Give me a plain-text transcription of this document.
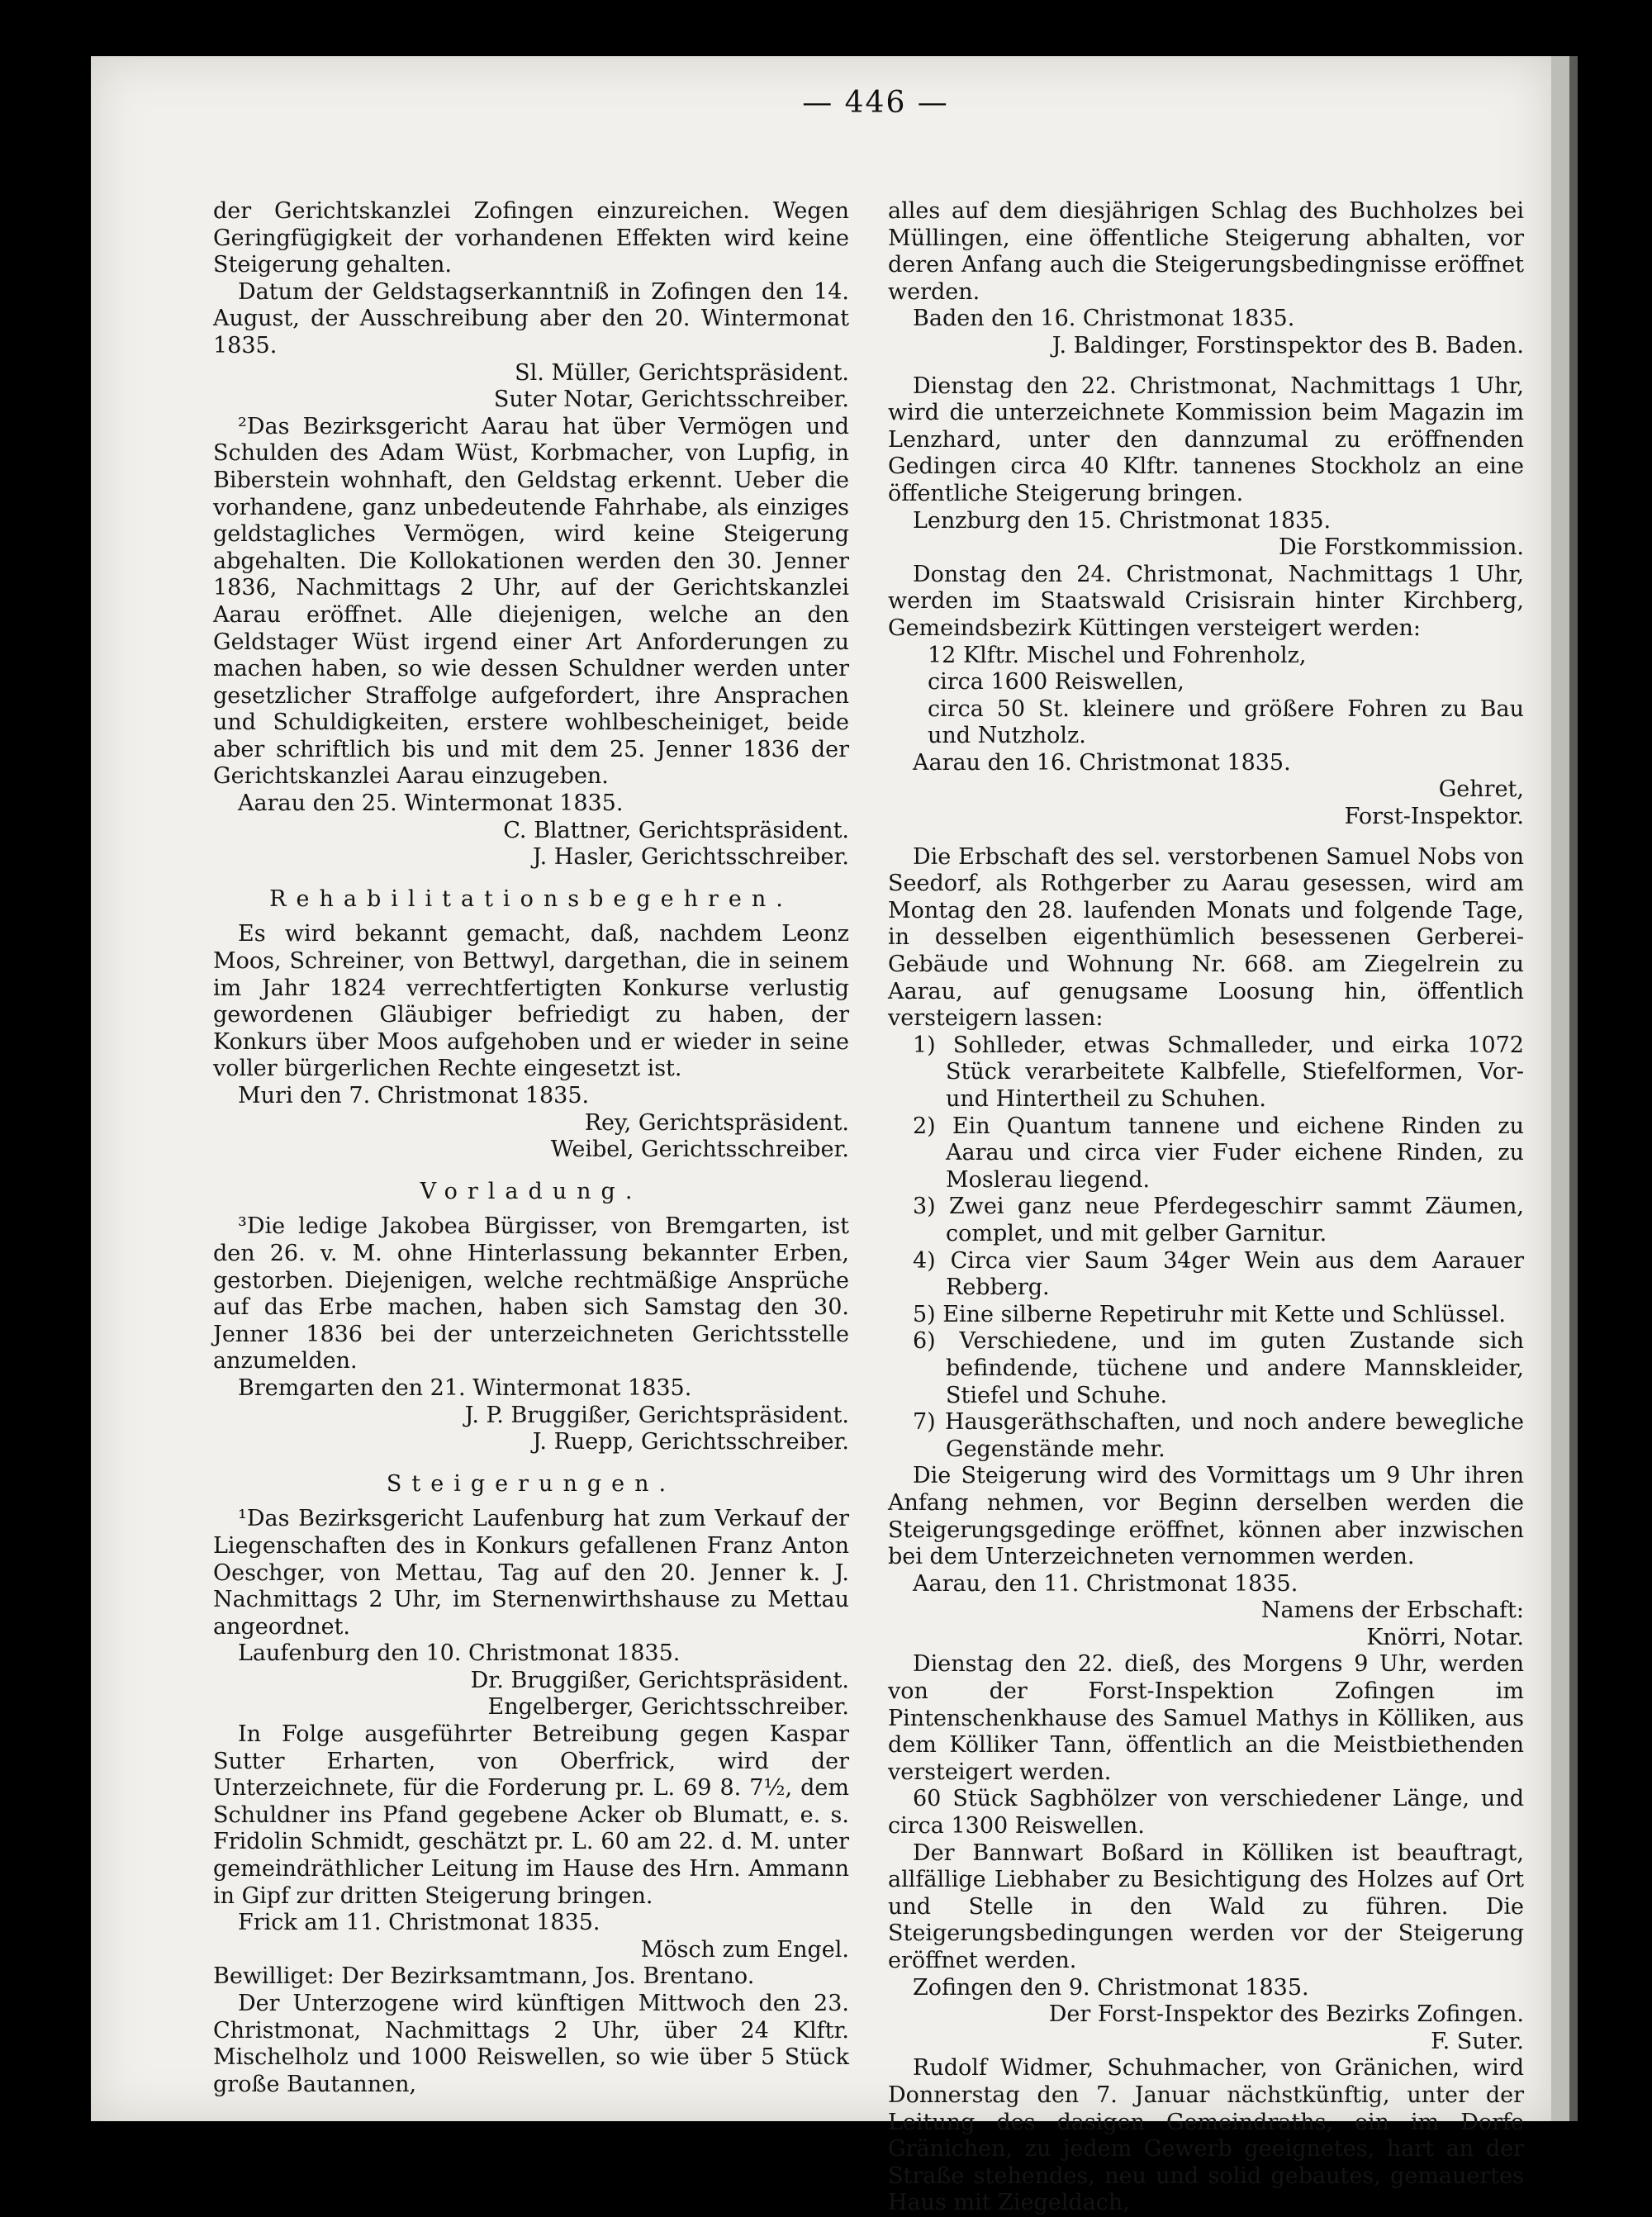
— 446 —

der Gerichtskanzlei Zofingen einzureichen. Wegen Geringfügigkeit der vorhandenen Effekten wird keine Steigerung gehalten.

Datum der Geldstagserkanntniß in Zofingen den 14. August, der Ausschreibung aber den 20. Wintermonat 1835.

Sl. Müller, Gerichtspräsident.

Suter Notar, Gerichtsschreiber.

²Das Bezirksgericht Aarau hat über Vermögen und Schulden des Adam Wüst, Korbmacher, von Lupfig, in Biberstein wohnhaft, den Geldstag erkennt. Ueber die vorhandene, ganz unbedeutende Fahrhabe, als einziges geldstagliches Vermögen, wird keine Steigerung abgehalten. Die Kollokationen werden den 30. Jenner 1836, Nachmittags 2 Uhr, auf der Gerichtskanzlei Aarau eröffnet. Alle diejenigen, welche an den Geldstager Wüst irgend einer Art Anforderungen zu machen haben, so wie dessen Schuldner werden unter gesetzlicher Straffolge aufgefordert, ihre Ansprachen und Schuldigkeiten, erstere wohlbescheiniget, beide aber schriftlich bis und mit dem 25. Jenner 1836 der Gerichtskanzlei Aarau einzugeben.

Aarau den 25. Wintermonat 1835.

C. Blattner, Gerichtspräsident.

J. Hasler, Gerichtsschreiber.

Rehabilitationsbegehren.

Es wird bekannt gemacht, daß, nachdem Leonz Moos, Schreiner, von Bettwyl, dargethan, die in seinem im Jahr 1824 verrechtfertigten Konkurse verlustig gewordenen Gläubiger befriedigt zu haben, der Konkurs über Moos aufgehoben und er wieder in seine voller bürgerlichen Rechte eingesetzt ist.

Muri den 7. Christmonat 1835.

Rey, Gerichtspräsident.

Weibel, Gerichtsschreiber.

Vorladung.

³Die ledige Jakobea Bürgisser, von Bremgarten, ist den 26. v. M. ohne Hinterlassung bekannter Erben, gestorben. Diejenigen, welche rechtmäßige Ansprüche auf das Erbe machen, haben sich Samstag den 30. Jenner 1836 bei der unterzeichneten Gerichtsstelle anzumelden.

Bremgarten den 21. Wintermonat 1835.

J. P. Bruggißer, Gerichtspräsident.

J. Ruepp, Gerichtsschreiber.

Steigerungen.

¹Das Bezirksgericht Laufenburg hat zum Verkauf der Liegenschaften des in Konkurs gefallenen Franz Anton Oeschger, von Mettau, Tag auf den 20. Jenner k. J. Nachmittags 2 Uhr, im Sternenwirthshause zu Mettau angeordnet.

Laufenburg den 10. Christmonat 1835.

Dr. Bruggißer, Gerichtspräsident.

Engelberger, Gerichtsschreiber.

In Folge ausgeführter Betreibung gegen Kaspar Sutter Erharten, von Oberfrick, wird der Unterzeichnete, für die Forderung pr. L. 69 8. 7½, dem Schuldner ins Pfand gegebene Acker ob Blumatt, e. s. Fridolin Schmidt, geschätzt pr. L. 60 am 22. d. M. unter gemeindräthlicher Leitung im Hause des Hrn. Ammann in Gipf zur dritten Steigerung bringen.

Frick am 11. Christmonat 1835.

Mösch zum Engel.

Bewilliget: Der Bezirksamtmann, Jos. Brentano.

Der Unterzogene wird künftigen Mittwoch den 23. Christmonat, Nachmittags 2 Uhr, über 24 Klftr. Mischelholz und 1000 Reiswellen, so wie über 5 Stück große Bautannen,

alles auf dem diesjährigen Schlag des Buchholzes bei Müllingen, eine öffentliche Steigerung abhalten, vor deren Anfang auch die Steigerungsbedingnisse eröffnet werden.

Baden den 16. Christmonat 1835.

J. Baldinger, Forstinspektor des B. Baden.

Dienstag den 22. Christmonat, Nachmittags 1 Uhr, wird die unterzeichnete Kommission beim Magazin im Lenzhard, unter den dannzumal zu eröffnenden Gedingen circa 40 Klftr. tannenes Stockholz an eine öffentliche Steigerung bringen.

Lenzburg den 15. Christmonat 1835.

Die Forstkommission.

Donstag den 24. Christmonat, Nachmittags 1 Uhr, werden im Staatswald Crisisrain hinter Kirchberg, Gemeindsbezirk Küttingen versteigert werden:

12 Klftr. Mischel und Fohrenholz,

circa 1600 Reiswellen,

circa 50 St. kleinere und größere Fohren zu Bau und Nutzholz.

Aarau den 16. Christmonat 1835.

Gehret,

Forst-Inspektor.

Die Erbschaft des sel. verstorbenen Samuel Nobs von Seedorf, als Rothgerber zu Aarau gesessen, wird am Montag den 28. laufenden Monats und folgende Tage, in desselben eigenthümlich besessenen Gerberei-Gebäude und Wohnung Nr. 668. am Ziegelrein zu Aarau, auf genugsame Loosung hin, öffentlich versteigern lassen:

1) Sohlleder, etwas Schmalleder, und eirka 1072 Stück verarbeitete Kalbfelle, Stiefelformen, Vor- und Hintertheil zu Schuhen.

2) Ein Quantum tannene und eichene Rinden zu Aarau und circa vier Fuder eichene Rinden, zu Moslerau liegend.

3) Zwei ganz neue Pferdegeschirr sammt Zäumen, complet, und mit gelber Garnitur.

4) Circa vier Saum 34ger Wein aus dem Aarauer Rebberg.

5) Eine silberne Repetiruhr mit Kette und Schlüssel.

6) Verschiedene, und im guten Zustande sich befindende, tüchene und andere Mannskleider, Stiefel und Schuhe.

7) Hausgeräthschaften, und noch andere bewegliche Gegenstände mehr.

Die Steigerung wird des Vormittags um 9 Uhr ihren Anfang nehmen, vor Beginn derselben werden die Steigerungsgedinge eröffnet, können aber inzwischen bei dem Unterzeichneten vernommen werden.

Aarau, den 11. Christmonat 1835.

Namens der Erbschaft:

Knörri, Notar.

Dienstag den 22. dieß, des Morgens 9 Uhr, werden von der Forst-Inspektion Zofingen im Pintenschenkhause des Samuel Mathys in Kölliken, aus dem Kölliker Tann, öffentlich an die Meistbiethenden versteigert werden.

60 Stück Sagbhölzer von verschiedener Länge, und circa 1300 Reiswellen.

Der Bannwart Boßard in Kölliken ist beauftragt, allfällige Liebhaber zu Besichtigung des Holzes auf Ort und Stelle in den Wald zu führen. Die Steigerungsbedingungen werden vor der Steigerung eröffnet werden.

Zofingen den 9. Christmonat 1835.

Der Forst-Inspektor des Bezirks Zofingen.

F. Suter.

Rudolf Widmer, Schuhmacher, von Gränichen, wird Donnerstag den 7. Januar nächstkünftig, unter der Leitung des dasigen Gemeindraths, ein im Dorfe Gränichen, zu jedem Gewerb geeignetes, hart an der Straße stehendes, neu und solid gebautes, gemauertes Haus mit Ziegeldach,
